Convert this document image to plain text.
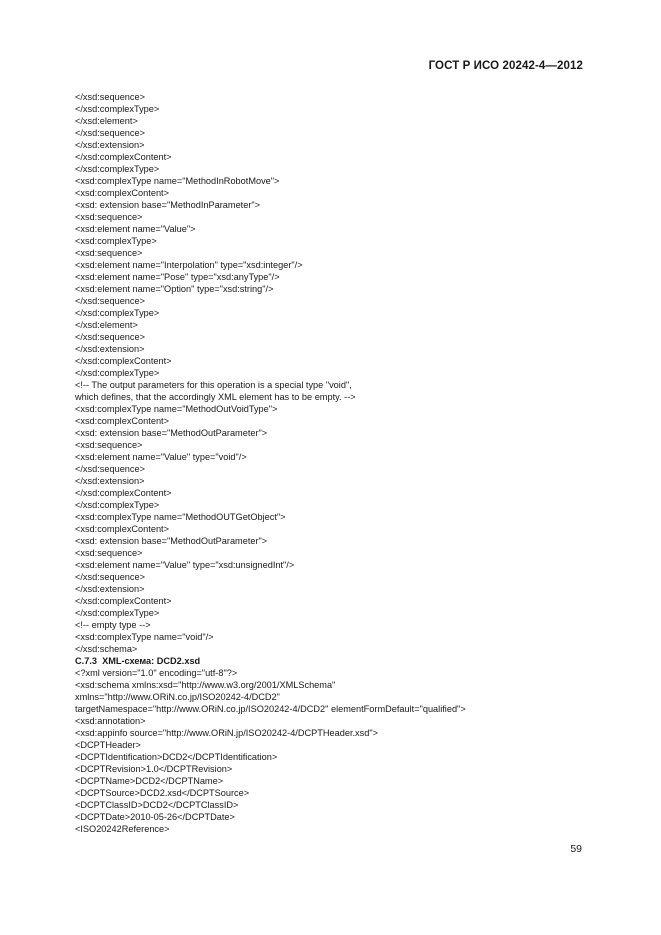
ГОСТ Р ИСО 20242-4—2012
</xsd:sequence>
</xsd:complexType>
</xsd:element>
</xsd:sequence>
</xsd:extension>
</xsd:complexContent>
</xsd:complexType>
<xsd:complexType name="MethodInRobotMove">
<xsd:complexContent>
<xsd: extension base="MethodInParameter">
<xsd:sequence>
<xsd:element name="Value">
<xsd:complexType>
<xsd:sequence>
<xsd:element name="Interpolation" type="xsd:integer"/>
<xsd:element name="Pose" type="xsd:anyType"/>
<xsd:element name="Option" type="xsd:string"/>
</xsd:sequence>
</xsd:complexType>
</xsd:element>
</xsd:sequence>
</xsd:extension>
</xsd:complexContent>
</xsd:complexType>
<!-- The output parameters for this operation is a special type "void",
which defines, that the accordingly XML element has to be empty. -->
<xsd:complexType name="MethodOutVoidType">
<xsd:complexContent>
<xsd: extension base="MethodOutParameter">
<xsd:sequence>
<xsd:element name="Value" type="void"/>
</xsd:sequence>
</xsd:extension>
</xsd:complexContent>
</xsd:complexType>
<xsd:complexType name="MethodOUTGetObject">
<xsd:complexContent>
<xsd: extension base="MethodOutParameter">
<xsd:sequence>
<xsd:element name="Value" type="xsd:unsignedInt"/>
</xsd:sequence>
</xsd:extension>
</xsd:complexContent>
</xsd:complexType>
<!-- empty type -->
<xsd:complexType name="void"/>
</xsd:schema>
C.7.3  XML-схема: DCD2.xsd
<?xml version="1.0" encoding="utf-8"?>
<xsd:schema xmlns:xsd="http://www.w3.org/2001/XMLSchema"
xmlns="http://www.ORiN.co.jp/ISO20242-4/DCD2"
targetNamespace="http://www.ORiN.co.jp/ISO20242-4/DCD2" elementFormDefault="qualified">
<xsd:annotation>
<xsd:appinfo source="http://www.ORiN.jp/ISO20242-4/DCPTHeader.xsd">
<DCPTHeader>
<DCPTIdentification>DCD2</DCPTIdentification>
<DCPTRevision>1.0</DCPTRevision>
<DCPTName>DCD2</DCPTName>
<DCPTSource>DCD2.xsd</DCPTSource>
<DCPTClassID>DCD2</DCPTClassID>
<DCPTDate>2010-05-26</DCPTDate>
<ISO20242Reference>
59
